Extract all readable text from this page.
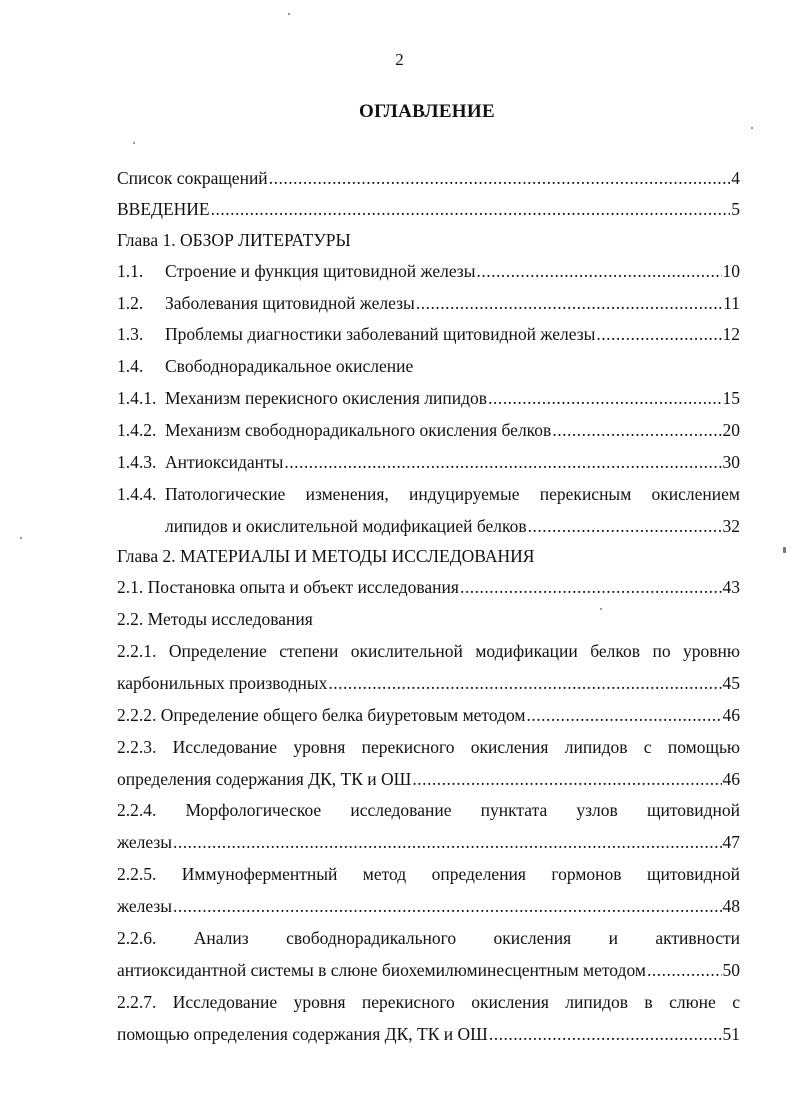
2
ОГЛАВЛЕНИЕ
Список сокращений .....	4
ВВЕДЕНИЕ .....	5
Глава 1. ОБЗОР ЛИТЕРАТУРЫ
1.1.	Строение и функция щитовидной железы .....	10
1.2.	Заболевания щитовидной железы .....	11
1.3.	Проблемы диагностики заболеваний щитовидной железы .....	12
1.4.	Свободнорадикальное окисление
1.4.1. Механизм перекисного окисления липидов .....	15
1.4.2. Механизм свободнорадикального окисления белков .....	20
1.4.3. Антиоксиданты .....	30
1.4.4. Патологические изменения, индуцируемые перекисным окислением
липидов и окислительной модификацией белков .....	32
Глава 2. МАТЕРИАЛЫ И МЕТОДЫ ИССЛЕДОВАНИЯ
2.1. Постановка опыта и объект исследования .....	43
2.2. Методы исследования
2.2.1. Определение степени окислительной модификации белков по уровню
карбонильных производных .....	45
2.2.2. Определение общего белка биуретовым методом .....	46
2.2.3. Исследование уровня перекисного окисления липидов с помощью
определения содержания ДК, ТК и ОШ .....	46
2.2.4. Морфологическое исследование пунктата узлов щитовидной
железы .....	47
2.2.5. Иммуноферментный метод определения гормонов щитовидной
железы .....	48
2.2.6. Анализ свободнорадикального окисления и активности
антиоксидантной системы в слюне биохемилюминесцентным методом .....	50
2.2.7. Исследование уровня перекисного окисления липидов в слюне с
помощью определения содержания ДК, ТК и ОШ .....	51
